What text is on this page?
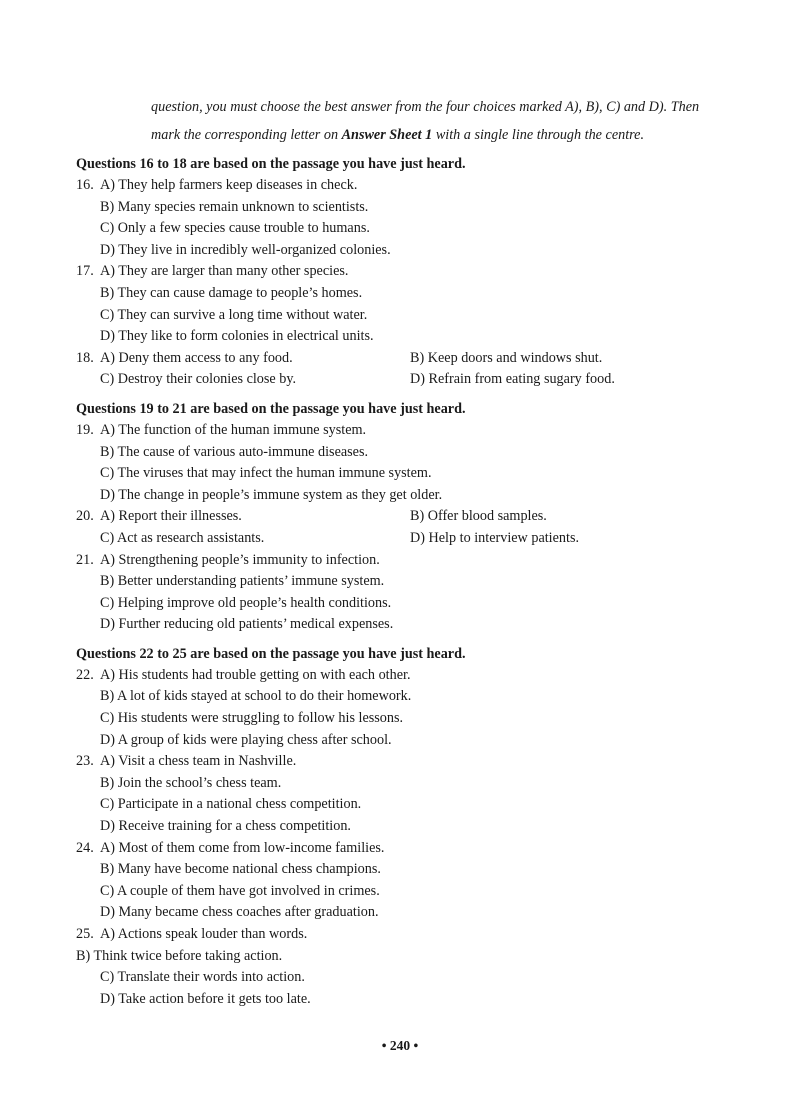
question, you must choose the best answer from the four choices marked A), B), C) and D). Then

mark the corresponding letter on Answer Sheet 1 with a single line through the centre.

Questions 16 to 18 are based on the passage you have just heard.
16. A) They help farmers keep diseases in check.
B) Many species remain unknown to scientists.
C) Only a few species cause trouble to humans.
D) They live in incredibly well-organized colonies.
17. A) They are larger than many other species.
B) They can cause damage to people’s homes.
C) They can survive a long time without water.
D) They like to form colonies in electrical units.
18. A) Deny them access to any food.	B) Keep doors and windows shut.
C) Destroy their colonies close by.	D) Refrain from eating sugary food.
Questions 19 to 21 are based on the passage you have just heard.
19. A) The function of the human immune system.
B) The cause of various auto-immune diseases.
C) The viruses that may infect the human immune system.
D) The change in people’s immune system as they get older.
20. A) Report their illnesses.	B) Offer blood samples.
C) Act as research assistants.	D) Help to interview patients.
21. A) Strengthening people’s immunity to infection.
B) Better understanding patients’ immune system.
C) Helping improve old people’s health conditions.
D) Further reducing old patients’ medical expenses.
Questions 22 to 25 are based on the passage you have just heard.
22. A) His students had trouble getting on with each other.
B) A lot of kids stayed at school to do their homework.
C) His students were struggling to follow his lessons.
D) A group of kids were playing chess after school.
23. A) Visit a chess team in Nashville.
B) Join the school’s chess team.
C) Participate in a national chess competition.
D) Receive training for a chess competition.
24. A) Most of them come from low-income families.
B) Many have become national chess champions.
C) A couple of them have got involved in crimes.
D) Many became chess coaches after graduation.
25. A) Actions speak louder than words.
B) Think twice before taking action.
C) Translate their words into action.
D) Take action before it gets too late.
• 240 •
